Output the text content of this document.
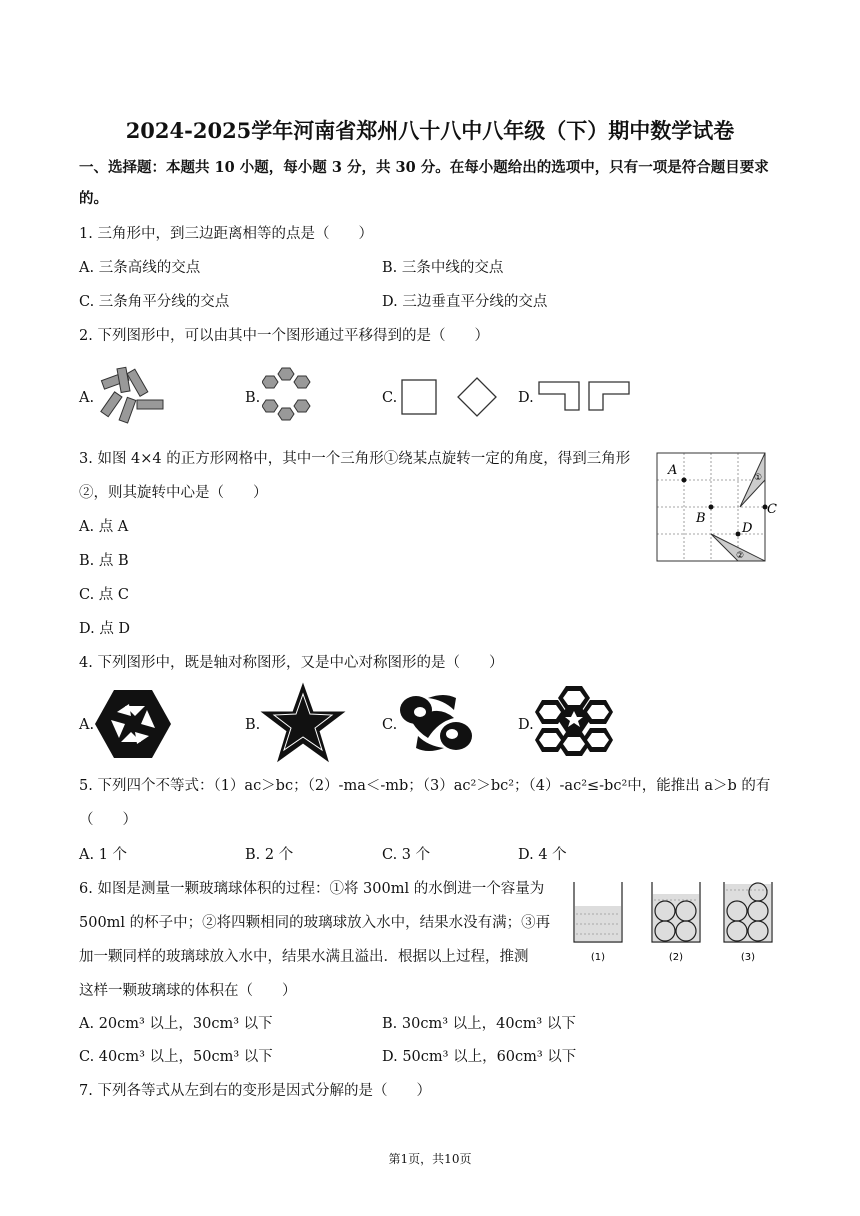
2024-2025学年河南省郑州八十八中八年级（下）期中数学试卷
一、选择题：本题共 10 小题，每小题 3 分，共 30 分。在每小题给出的选项中，只有一项是符合题目要求
的。
1. 三角形中，到三边距离相等的点是（　　）
A. 三条高线的交点	B. 三条中线的交点
C. 三条角平分线的交点	D. 三边垂直平分线的交点
2. 下列图形中，可以由其中一个图形通过平移得到的是（　　）
A.	B.	C.	D.
3. 如图 4×4 的正方形网格中，其中一个三角形①绕某点旋转一定的角度，得到三角形
②，则其旋转中心是（　　）
A. 点 A
B. 点 B
C. 点 C
D. 点 D
A
B
C
D
①
②
4. 下列图形中，既是轴对称图形，又是中心对称图形的是（　　）
A.	B.	C.	D.
5. 下列四个不等式：（1）ac＞bc；（2）-ma＜-mb；（3）ac²＞bc²；（4）-ac²≤-bc²中，能推出 a＞b 的有
（　　）
A. 1 个	B. 2 个	C. 3 个	D. 4 个
6. 如图是测量一颗玻璃球体积的过程：①将 300ml 的水倒进一个容量为
500ml 的杯子中；②将四颗相同的玻璃球放入水中，结果水没有满；③再
加一颗同样的玻璃球放入水中，结果水满且溢出．根据以上过程，推测
这样一颗玻璃球的体积在（　　）
(1)	(2)	(3)
A. 20cm³ 以上，30cm³ 以下	B. 30cm³ 以上，40cm³ 以下
C. 40cm³ 以上，50cm³ 以下	D. 50cm³ 以上，60cm³ 以下
7. 下列各等式从左到右的变形是因式分解的是（　　）
第1页，共10页
